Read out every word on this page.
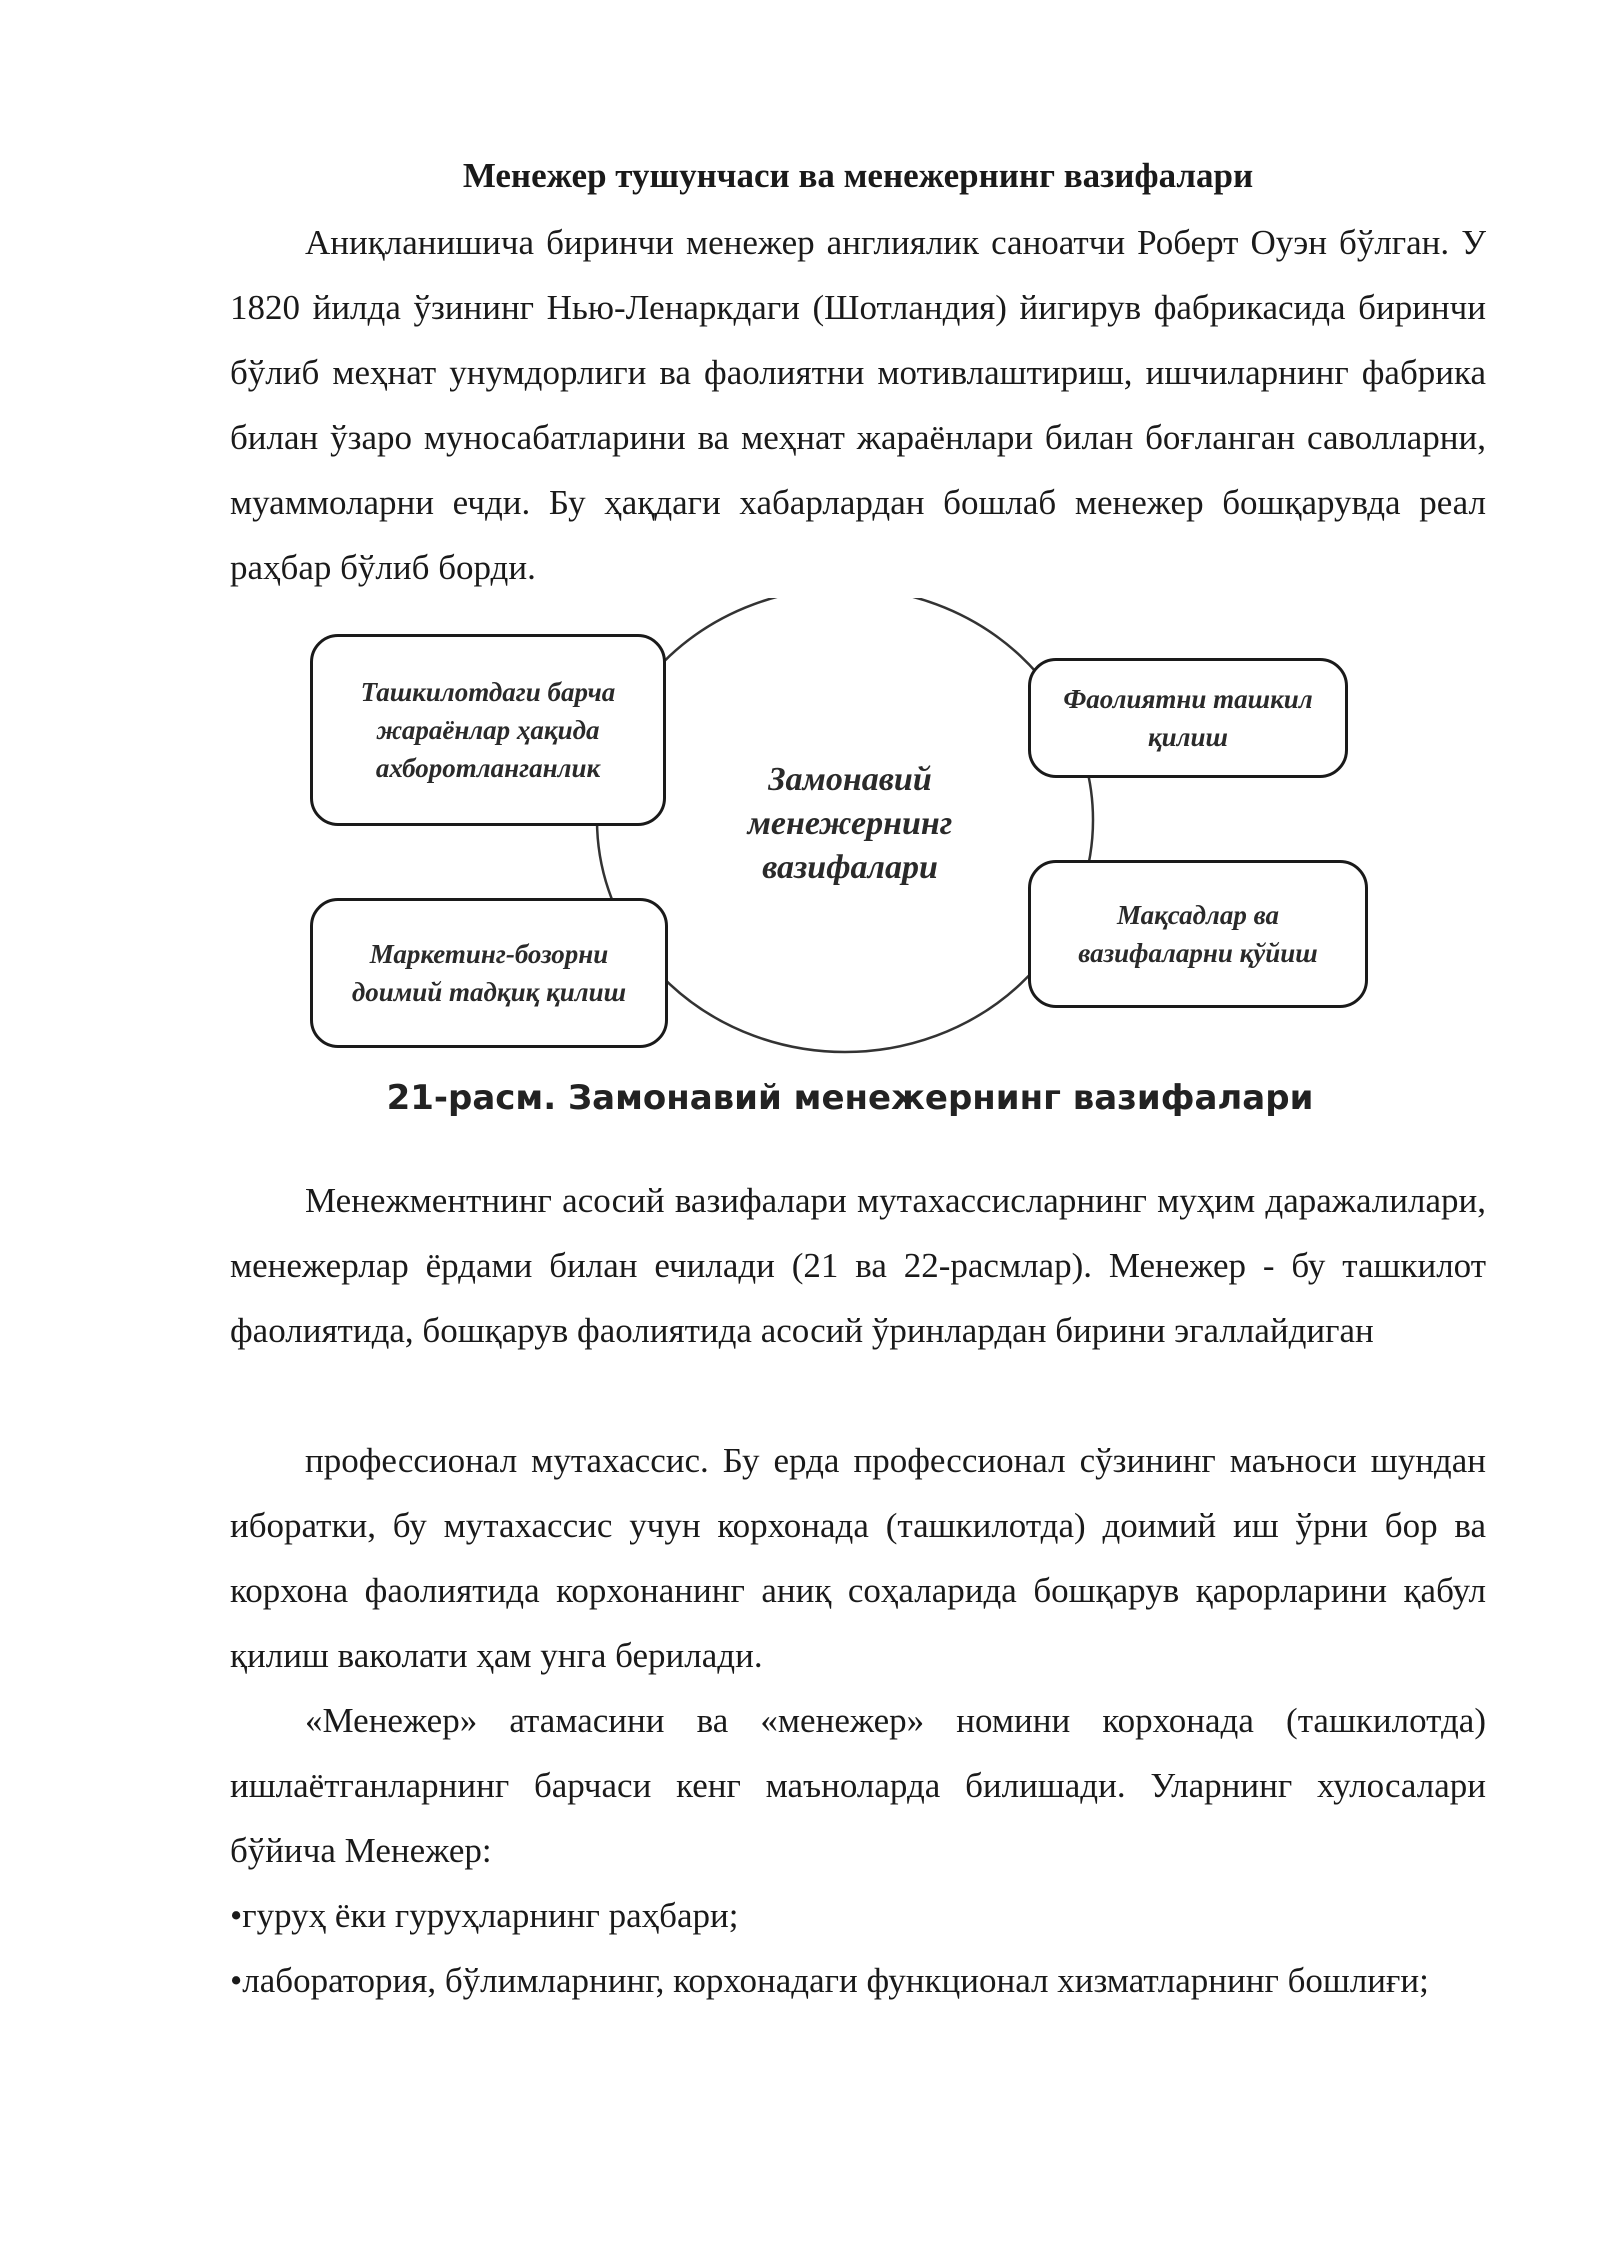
Менежер тушунчаси ва менежернинг вазифалари

Аниқланишича биринчи менежер англиялик саноатчи Роберт Оуэн бўлган. У 1820 йилда ўзининг Нью-Ленаркдаги (Шотландия) йигирув фабрикасида биринчи бўлиб меҳнат унумдорлиги ва фаолиятни мотивлаштириш, ишчиларнинг фабрика билан ўзаро муносабатларини ва меҳнат жараёнлари билан боғланган саволларни, муаммоларни ечди. Бу ҳақдаги хабарлардан бошлаб менежер бошқарувда реал раҳбар бўлиб борди.

Ташкилотдаги барча жараёнлар ҳақида ахборотланганлик
Фаолиятни ташкил қилиш
Маркетинг-бозорни доимий тадқиқ қилиш
Мақсадлар ва вазифаларни қўйиш
Замонавий менежернинг вазифалари
21-расм. Замонавий менежернинг вазифалари

Менежментнинг асосий вазифалари мутахассисларнинг муҳим даражалилари, менежерлар ёрдами билан ечилади (21 ва 22-расмлар). Менежер - бу ташкилот фаолиятида, бошқарув фаолиятида асосий ўринлардан бирини эгаллайдиган

профессионал мутахассис. Бу ерда профессионал сўзининг маъноси шундан иборатки, бу мутахассис учун корхонада (ташкилотда) доимий иш ўрни бор ва корхона фаолиятида корхонанинг аниқ соҳаларида бошқарув қарорларини қабул қилиш ваколати ҳам унга берилади.

«Менежер» атамасини ва «менежер» номини корхонада (ташкилотда) ишлаётганларнинг барчаси кенг маъноларда билишади. Уларнинг хулосалари бўйича Менежер:

•гуруҳ ёки гуруҳларнинг раҳбари;

•лаборатория, бўлимларнинг, корхонадаги функционал хизматларнинг бошлиғи;
